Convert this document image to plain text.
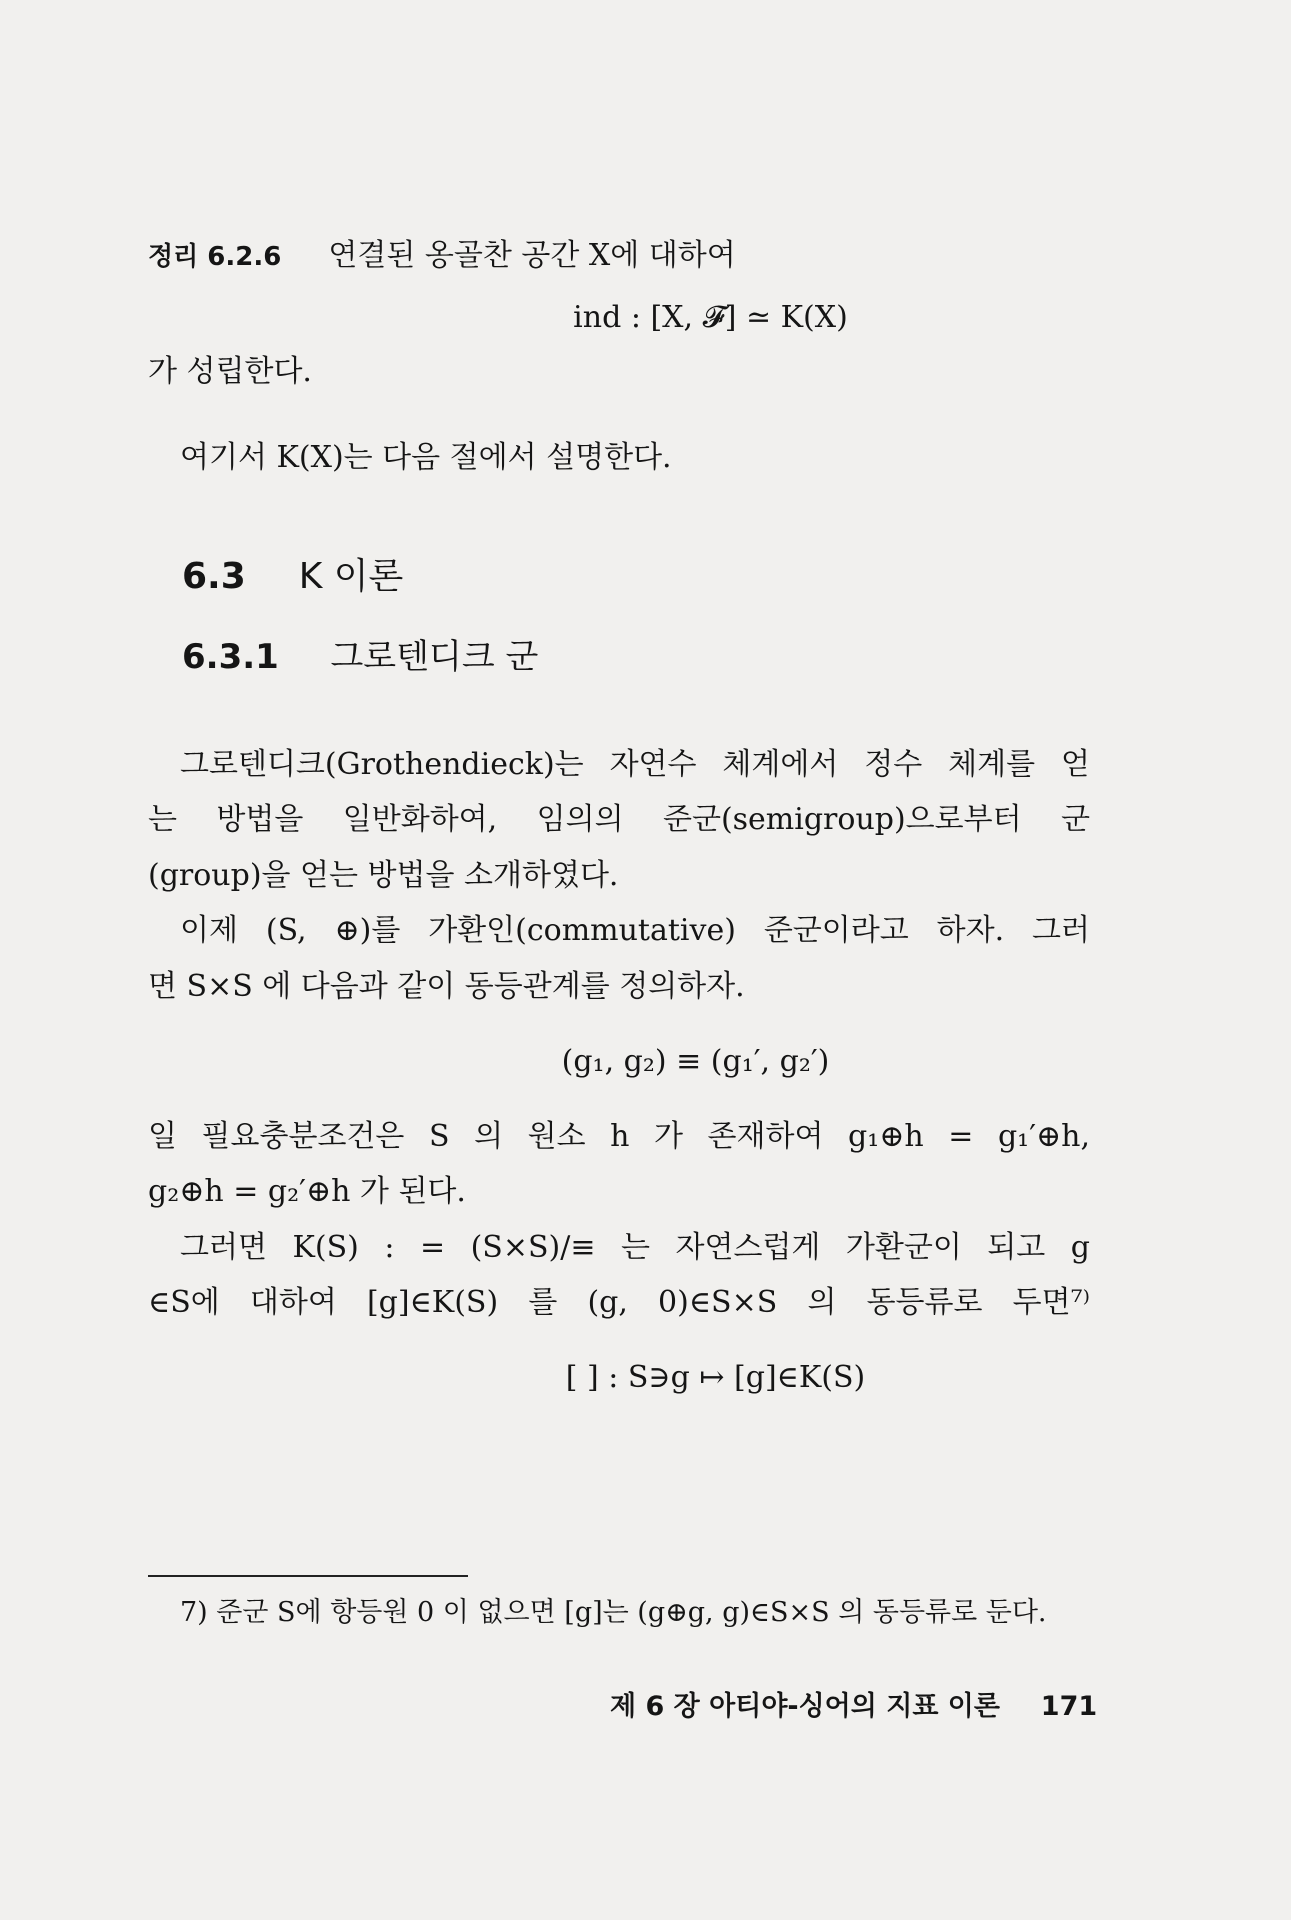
정리 6.2.6 연결된 옹골찬 공간 X에 대하여
ind : [X, 𝓕] ≃ K(X)
가 성립한다.
여기서 K(X)는 다음 절에서 설명한다.
6.3 K 이론
6.3.1 그로텐디크 군
그로텐디크(Grothendieck)는 자연수 체계에서 정수 체계를 얻
는 방법을 일반화하여, 임의의 준군(semigroup)으로부터 군
(group)을 얻는 방법을 소개하였다.
이제 (S, ⊕)를 가환인(commutative) 준군이라고 하자. 그러
면 S×S 에 다음과 같이 동등관계를 정의하자.
(g₁, g₂) ≡ (g₁′, g₂′)
일 필요충분조건은 S 의 원소 h 가 존재하여 g₁⊕h = g₁′⊕h,
g₂⊕h = g₂′⊕h 가 된다.
그러면 K(S) : = (S×S)/≡ 는 자연스럽게 가환군이 되고 g
∈S에 대하여 [g]∈K(S) 를 (g, 0)∈S×S 의 동등류로 두면⁷⁾
[ ] : S∋g ↦ [g]∈K(S)
7) 준군 S에 항등원 0 이 없으면 [g]는 (g⊕g, g)∈S×S 의 동등류로 둔다.
제 6 장 아티야-싱어의 지표 이론 171
